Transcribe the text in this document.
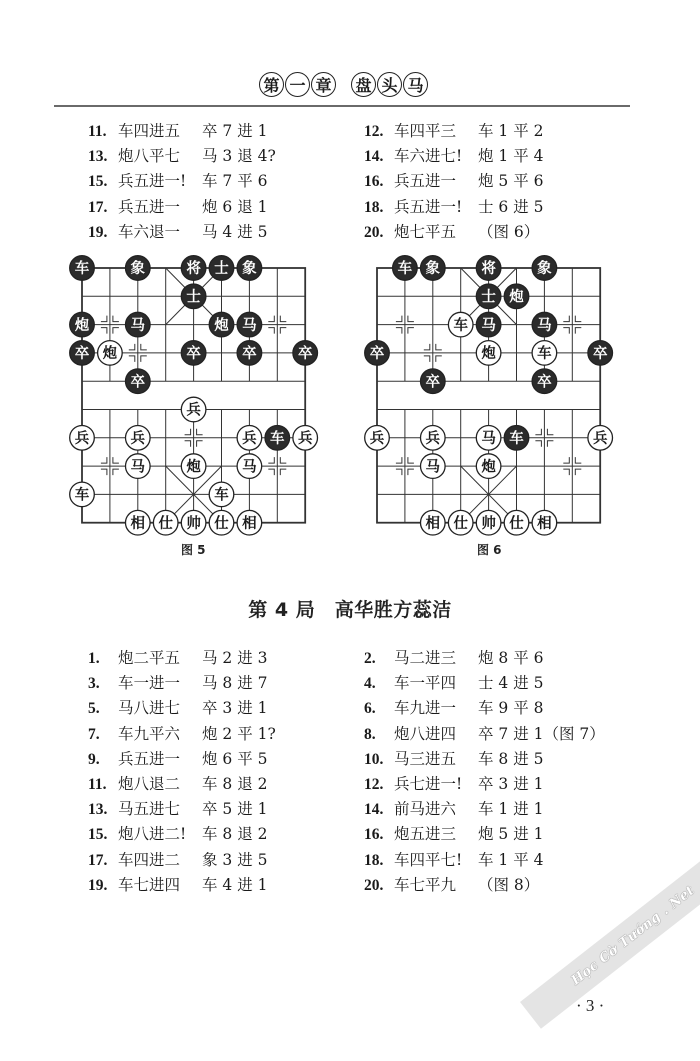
第 一 章 盘 头 马
11. 车四进五	卒 7 进 1
13. 炮八平七	马 3 退 4?
15. 兵五进一!	车 7 平 6
17. 兵五进一	炮 6 退 1
19. 车六退一	马 4 进 5
12. 车四平三	车 1 平 2
14. 车六进七!	炮 1 平 4
16. 兵五进一	炮 5 平 6
18. 兵五进一!	士 6 进 5
20. 炮七平五	（图 6）
车	象	将 士 象
士
炮	马	炮 马
卒 炮	卒	卒	卒
卒
兵
兵	兵	兵 车 兵
马	炮	马
车	车
相 仕 帅 仕 相
车 象	将	象
士 炮
车 马	马
卒	炮	车	卒
卒	卒
兵	兵	马 车	兵
马	炮
相 仕 帅 仕 相
图 5	图 6
第 4 局　高华胜方蕊洁
1.	炮二平五	马 2 进 3
3.	车一进一	马 8 进 7
5.	马八进七	卒 3 进 1
7.	车九平六	炮 2 平 1?
9.	兵五进一	炮 6 平 5
11. 炮八退二	车 8 退 2
13. 马五进七	卒 5 进 1
15. 炮八进二!	车 8 退 2
17. 车四进二	象 3 进 5
19. 车七进四	车 4 进 1
2.	马二进三	炮 8 平 6
4.	车一平四	士 4 进 5
6.	车九进一	车 9 平 8
8.	炮八进四	卒 7 进 1（图 7）
10. 马三进五	车 8 进 5
12. 兵七进一!	卒 3 进 1
14. 前马进六	车 1 进 1
16. 炮五进三	炮 5 进 1
18. 车四平七!	车 1 平 4
20. 车七平九	（图 8）
· 3 ·
Học Cờ Tướng . Net
